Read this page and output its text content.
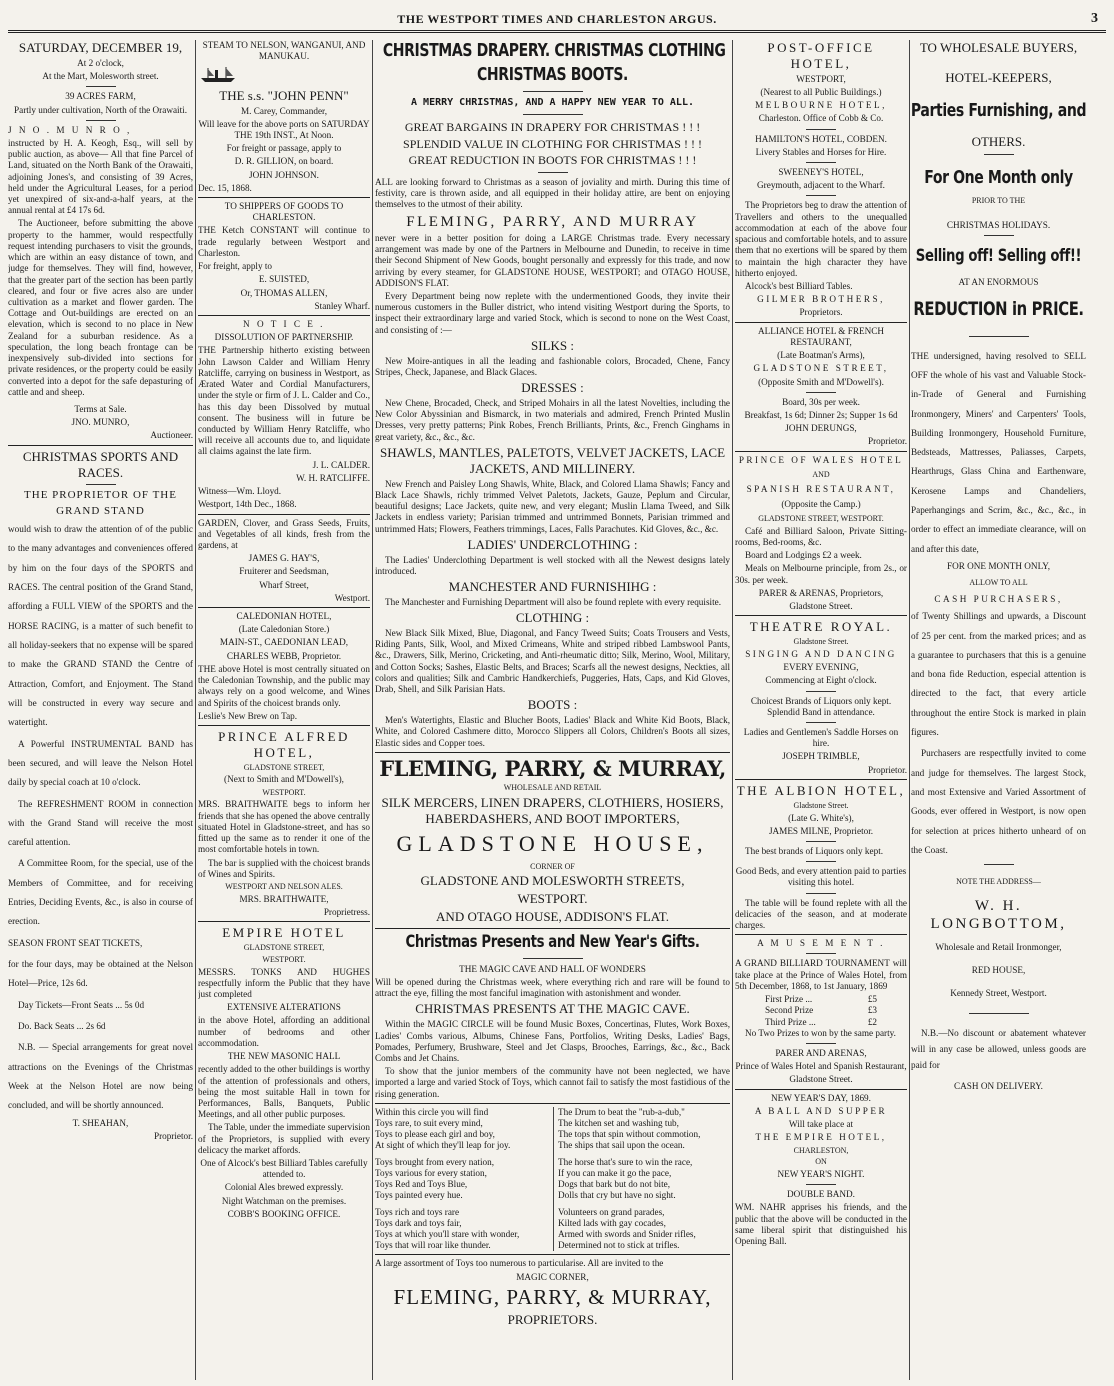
THE WESTPORT TIMES AND CHARLESTON ARGUS.	3

SATURDAY, DECEMBER 19,

At 2 o'clock,

At the Mart, Molesworth street.

39 ACRES FARM,

Partly under cultivation, North of the Orawaiti.

J N O . M U N R O ,

instructed by H. A. Keogh, Esq., will sell by public auction, as above— All that fine Parcel of Land, situated on the North Bank of the Orawaiti, adjoining Jones's, and consisting of 39 Acres, held under the Agricultural Leases, for a period yet unexpired of six-and-a-half years, at the annual rental at £4 17s 6d.

The Auctioneer, before submitting the above property to the hammer, would respectfully request intending purchasers to visit the grounds, which are within an easy distance of town, and judge for themselves. They will find, however, that the greater part of the section has been partly cleared, and four or five acres also are under cultivation as a market and flower garden. The Cottage and Out-buildings are erected on an elevation, which is second to no place in New Zealand for a suburban residence. As a speculation, the long beach frontage can be inexpensively sub-divided into sections for private residences, or the property could be easily converted into a depot for the safe depasturing of cattle and and sheep.

Terms at Sale.

JNO. MUNRO,

Auctioneer.

CHRISTMAS SPORTS AND RACES.

THE PROPRIETOR OF THE

GRAND STAND

would wish to draw the attention of of the public to the many advantages and conveniences offered by him on the four days of the SPORTS and RACES. The central position of the Grand Stand, affording a FULL VIEW of the SPORTS and the HORSE RACING, is a matter of such benefit to all holiday-seekers that no expense will be spared to make the GRAND STAND the Centre of Attraction, Comfort, and Enjoyment. The Stand will be constructed in every way secure and watertight.

A Powerful INSTRUMENTAL BAND has been secured, and will leave the Nelson Hotel daily by special coach at 10 o'clock.

The REFRESHMENT ROOM in connection with the Grand Stand will receive the most careful attention.

A Committee Room, for the special, use of the Members of Committee, and for receiving Entries, Deciding Events, &c., is also in course of erection.

SEASON FRONT SEAT TICKETS,

for the four days, may be obtained at the Nelson Hotel—Price, 12s 6d.

Day Tickets—Front Seats ... 5s 0d

Do. Back Seats ... 2s 6d

N.B. — Special arrangements for great novel attractions on the Evenings of the Christmas Week at the Nelson Hotel are now being concluded, and will be shortly announced.

T. SHEAHAN,

Proprietor.

STEAM TO NELSON, WANGANUI, AND MANUKAU.

THE s.s. "JOHN PENN"

M. Carey, Commander,

Will leave for the above ports on SATURDAY THE 19th INST., At Noon.

For freight or passage, apply to

D. R. GILLION, on board.

JOHN JOHNSON.

Dec. 15, 1868.

TO SHIPPERS OF GOODS TO CHARLESTON.

THE Ketch CONSTANT will continue to trade regularly between Westport and Charleston.

For freight, apply to

E. SUISTED,

Or, THOMAS ALLEN,

Stanley Wharf.

N O T I C E .

DISSOLUTION OF PARTNERSHIP.

THE Partnership hitherto existing between John Lawson Calder and William Henry Ratcliffe, carrying on business in Westport, as Ærated Water and Cordial Manufacturers, under the style or firm of J. L. Calder and Co., has this day been Dissolved by mutual consent. The business will in future be conducted by William Henry Ratcliffe, who will receive all accounts due to, and liquidate all claims against the late firm.

J. L. CALDER.

W. H. RATCLIFFE.

Witness—Wm. Lloyd.

Westport, 14th Dec., 1868.

GARDEN, Clover, and Grass Seeds, Fruits, and Vegetables of all kinds, fresh from the gardens, at

JAMES G. HAY'S,

Fruiterer and Seedsman,

Wharf Street,

Westport.

CALEDONIAN HOTEL,

(Late Caledonian Store.)

MAIN-ST., CAEDONIAN LEAD,

CHARLES WEBB, Proprietor.

THE above Hotel is most centrally situated on the Caledonian Township, and the public may always rely on a good welcome, and Wines and Spirits of the choicest brands only.

Leslie's New Brew on Tap.

PRINCE ALFRED HOTEL,

GLADSTONE STREET,

(Next to Smith and M'Dowell's),

WESTPORT.

MRS. BRAITHWAITE begs to inform her friends that she has opened the above centrally situated Hotel in Gladstone-street, and has so fitted up the same as to render it one of the most comfortable hotels in town.

The bar is supplied with the choicest brands of Wines and Spirits.

WESTPORT AND NELSON ALES.

MRS. BRAITHWAITE,

Proprietress.

EMPIRE HOTEL

GLADSTONE STREET,

WESTPORT.

MESSRS. TONKS AND HUGHES respectfully inform the Public that they have just completed

EXTENSIVE ALTERATIONS

in the above Hotel, affording an additional number of bedrooms and other accommodation.

THE NEW MASONIC HALL

recently added to the other buildings is worthy of the attention of professionals and others, being the most suitable Hall in town for Performances, Balls, Banquets, Public Meetings, and all other public purposes.

The Table, under the immediate supervision of the Proprietors, is supplied with every delicacy the market affords.

One of Alcock's best Billiard Tables carefully attended to.

Colonial Ales brewed expressly.

Night Watchman on the premises.

COBB'S BOOKING OFFICE.

CHRISTMAS DRAPERY. CHRISTMAS CLOTHING

CHRISTMAS BOOTS.

A MERRY CHRISTMAS, AND A HAPPY NEW YEAR TO ALL.

GREAT BARGAINS IN DRAPERY FOR CHRISTMAS ! ! !

SPLENDID VALUE IN CLOTHING FOR CHRISTMAS ! ! !

GREAT REDUCTION IN BOOTS FOR CHRISTMAS ! ! !

ALL are looking forward to Christmas as a season of joviality and mirth. During this time of festivity, care is thrown aside, and all equipped in their holiday attire, are bent on enjoying themselves to the utmost of their ability.

FLEMING, PARRY, AND MURRAY

never were in a better position for doing a LARGE Christmas trade. Every necessary arrangement was made by one of the Partners in Melbourne and Dunedin, to receive in time their Second Shipment of New Goods, bought personally and expressly for this trade, and now arriving by every steamer, for GLADSTONE HOUSE, WESTPORT; and OTAGO HOUSE, ADDISON'S FLAT.

Every Department being now replete with the undermentioned Goods, they invite their numerous customers in the Buller district, who intend visiting Westport during the Sports, to inspect their extraordinary large and varied Stock, which is second to none on the West Coast, and consisting of :—

SILKS :

New Moire-antiques in all the leading and fashionable colors, Brocaded, Chene, Fancy Stripes, Check, Japanese, and Black Glaces.

DRESSES :

New Chene, Brocaded, Check, and Striped Mohairs in all the latest Novelties, including the New Color Abyssinian and Bismarck, in two materials and admired, French Printed Muslin Dresses, very pretty patterns; Pink Robes, French Brilliants, Prints, &c., French Ginghams in great variety, &c., &c., &c.

SHAWLS, MANTLES, PALETOTS, VELVET JACKETS, LACE JACKETS, AND MILLINERY.

New French and Paisley Long Shawls, White, Black, and Colored Llama Shawls; Fancy and Black Lace Shawls, richly trimmed Velvet Paletots, Jackets, Gauze, Peplum and Circular, beautiful designs; Lace Jackets, quite new, and very elegant; Muslin Llama Tweed, and Silk Jackets in endless variety; Parisian trimmed and untrimmed Bonnets, Parisian trimmed and untrimmed Hats; Flowers, Feathers trimmings, Laces, Falls Parachutes. Kid Gloves, &c., &c.

LADIES' UNDERCLOTHING :

The Ladies' Underclothing Department is well stocked with all the Newest designs lately introduced.

MANCHESTER AND FURNISHIHG :

The Manchester and Furnishing Department will also be found replete with every requisite.

CLOTHING :

New Black Silk Mixed, Blue, Diagonal, and Fancy Tweed Suits; Coats Trousers and Vests, Riding Pants, Silk, Wool, and Mixed Crimeans, White and striped ribbed Lambswool Pants, &c., Drawers, Silk, Merino, Cricketing, and Anti-rheumatic ditto; Silk, Merino, Wool, Military, and Cotton Socks; Sashes, Elastic Belts, and Braces; Scarfs all the newest designs, Neckties, all colors and qualities; Silk and Cambric Handkerchiefs, Puggeries, Hats, Caps, and Kid Gloves, Drab, Shell, and Silk Parisian Hats.

BOOTS :

Men's Watertights, Elastic and Blucher Boots, Ladies' Black and White Kid Boots, Black, White, and Colored Cashmere ditto, Morocco Slippers all Colors, Children's Boots all sizes, Elastic sides and Copper toes.

FLEMING, PARRY, & MURRAY,

WHOLESALE AND RETAIL

SILK MERCERS, LINEN DRAPERS, CLOTHIERS, HOSIERS, HABERDASHERS, AND BOOT IMPORTERS,

GLADSTONE HOUSE,

CORNER OF

GLADSTONE AND MOLESWORTH STREETS,

WESTPORT.

AND OTAGO HOUSE, ADDISON'S FLAT.

Christmas Presents and New Year's Gifts.

THE MAGIC CAVE AND HALL OF WONDERS

Will be opened during the Christmas week, where everything rich and rare will be found to attract the eye, filling the most fanciful imagination with astonishment and wonder.

CHRISTMAS PRESENTS AT THE MAGIC CAVE.

Within the MAGIC CIRCLE will be found Music Boxes, Concertinas, Flutes, Work Boxes, Ladies' Combs various, Albums, Chinese Fans, Portfolios, Writing Desks, Ladies' Bags, Pomades, Perfumery, Brushware, Steel and Jet Clasps, Brooches, Earrings, &c., &c., Back Combs and Jet Chains.

To show that the junior members of the community have not been neglected, we have imported a large and varied Stock of Toys, which cannot fail to satisfy the most fastidious of the rising generation.

Within this circle you will find
Toys rare, to suit every mind,
Toys to please each girl and boy,
At sight of which they'll leap for joy.

Toys brought from every nation,
Toys various for every station,
Toys Red and Toys Blue,
Toys painted every hue.

Toys rich and toys rare
Toys dark and toys fair,
Toys at which you'll stare with wonder,
Toys that will roar like thunder.
The Drum to beat the "rub-a-dub,"
The kitchen set and washing tub,
The tops that spin without commotion,
The ships that sail upon the ocean.

The horse that's sure to win the race,
If you can make it go the pace,
Dogs that bark but do not bite,
Dolls that cry but have no sight.

Volunteers on grand parades,
Kilted lads with gay cocades,
Armed with swords and Snider rifles,
Determined not to stick at trifles.

A large assortment of Toys too numerous to particularise. All are invited to the

MAGIC CORNER,

FLEMING, PARRY, & MURRAY,

PROPRIETORS.

POST-OFFICE HOTEL,

WESTPORT,

(Nearest to all Public Buildings.)

MELBOURNE HOTEL,

Charleston. Office of Cobb & Co.

HAMILTON'S HOTEL, COBDEN.

Livery Stables and Horses for Hire.

SWEENEY'S HOTEL,

Greymouth, adjacent to the Wharf.

The Proprietors beg to draw the attention of Travellers and others to the unequalled accommodation at each of the above four spacious and comfortable hotels, and to assure them that no exertions will be spared by them to maintain the high character they have hitherto enjoyed.

Alcock's best Billiard Tables.

GILMER BROTHERS,

Proprietors.

ALLIANCE HOTEL & FRENCH RESTAURANT,

(Late Boatman's Arms),

GLADSTONE STREET,

(Opposite Smith and M'Dowell's).

Board, 30s per week.

Breakfast, 1s 6d; Dinner 2s; Supper 1s 6d

JOHN DERUNGS,

Proprietor.

PRINCE OF WALES HOTEL

AND

SPANISH RESTAURANT,

(Opposite the Camp.)

GLADSTONE STREET, WESTPORT.

Café and Billiard Saloon, Private Sitting-rooms, Bed-rooms, &c.

Board and Lodgings £2 a week.

Meals on Melbourne principle, from 2s., or 30s. per week.

PARER & ARENAS, Proprietors,

Gladstone Street.

THEATRE ROYAL.

Gladstone Street.

SINGING AND DANCING

EVERY EVENING,

Commencing at Eight o'clock.

Choicest Brands of Liquors only kept. Splendid Band in attendance.

Ladies and Gentlemen's Saddle Horses on hire.

JOSEPH TRIMBLE,

Proprietor.

THE ALBION HOTEL,

Gladstone Street.

(Late G. White's),

JAMES MILNE, Proprietor.

The best brands of Liquors only kept.

Good Beds, and every attention paid to parties visiting this hotel.

The table will be found replete with all the delicacies of the season, and at moderate charges.

A M U S E M E N T .

A GRAND BILLIARD TOURNAMENT will take place at the Prince of Wales Hotel, from 5th December, 1868, to 1st January, 1869

First Prize ...	£5
Second Prize	£3
Third Prize ...	£2

No Two Prizes to won by the same party.

PARER AND ARENAS,

Prince of Wales Hotel and Spanish Restaurant,

Gladstone Street.

NEW YEAR'S DAY, 1869.

A BALL AND SUPPER

Will take place at

THE EMPIRE HOTEL,

CHARLESTON,

ON

NEW YEAR'S NIGHT.

DOUBLE BAND.

WM. NAHR apprises his friends, and the public that the above will be conducted in the same liberal spirit that distinguished his Opening Ball.

TO WHOLESALE BUYERS,

HOTEL-KEEPERS,

Parties Furnishing, and

OTHERS.

For One Month only

PRIOR TO THE

CHRISTMAS HOLIDAYS.

Selling off! Selling off!!

AT AN ENORMOUS

REDUCTION in PRICE.

THE undersigned, having resolved to SELL OFF the whole of his vast and Valuable Stock-in-Trade of General and Furnishing Ironmongery, Miners' and Carpenters' Tools, Building Ironmongery, Household Furniture, Bedsteads, Mattresses, Paliasses, Carpets, Hearthrugs, Glass China and Earthenware, Kerosene Lamps and Chandeliers, Paperhangings and Scrim, &c., &c., &c., in order to effect an immediate clearance, will on and after this date,

FOR ONE MONTH ONLY,

ALLOW TO ALL

CASH PURCHASERS,

of Twenty Shillings and upwards, a Discount of 25 per cent. from the marked prices; and as a guarantee to purchasers that this is a genuine and bona fide Reduction, especial attention is directed to the fact, that every article throughout the entire Stock is marked in plain figures.

Purchasers are respectfully invited to come and judge for themselves. The largest Stock, and most Extensive and Varied Assortment of Goods, ever offered in Westport, is now open for selection at prices hitherto unheard of on the Coast.

NOTE THE ADDRESS—

W. H. LONGBOTTOM,

Wholesale and Retail Ironmonger,

RED HOUSE,

Kennedy Street, Westport.

N.B.—No discount or abatement whatever will in any case be allowed, unless goods are paid for

CASH ON DELIVERY.
